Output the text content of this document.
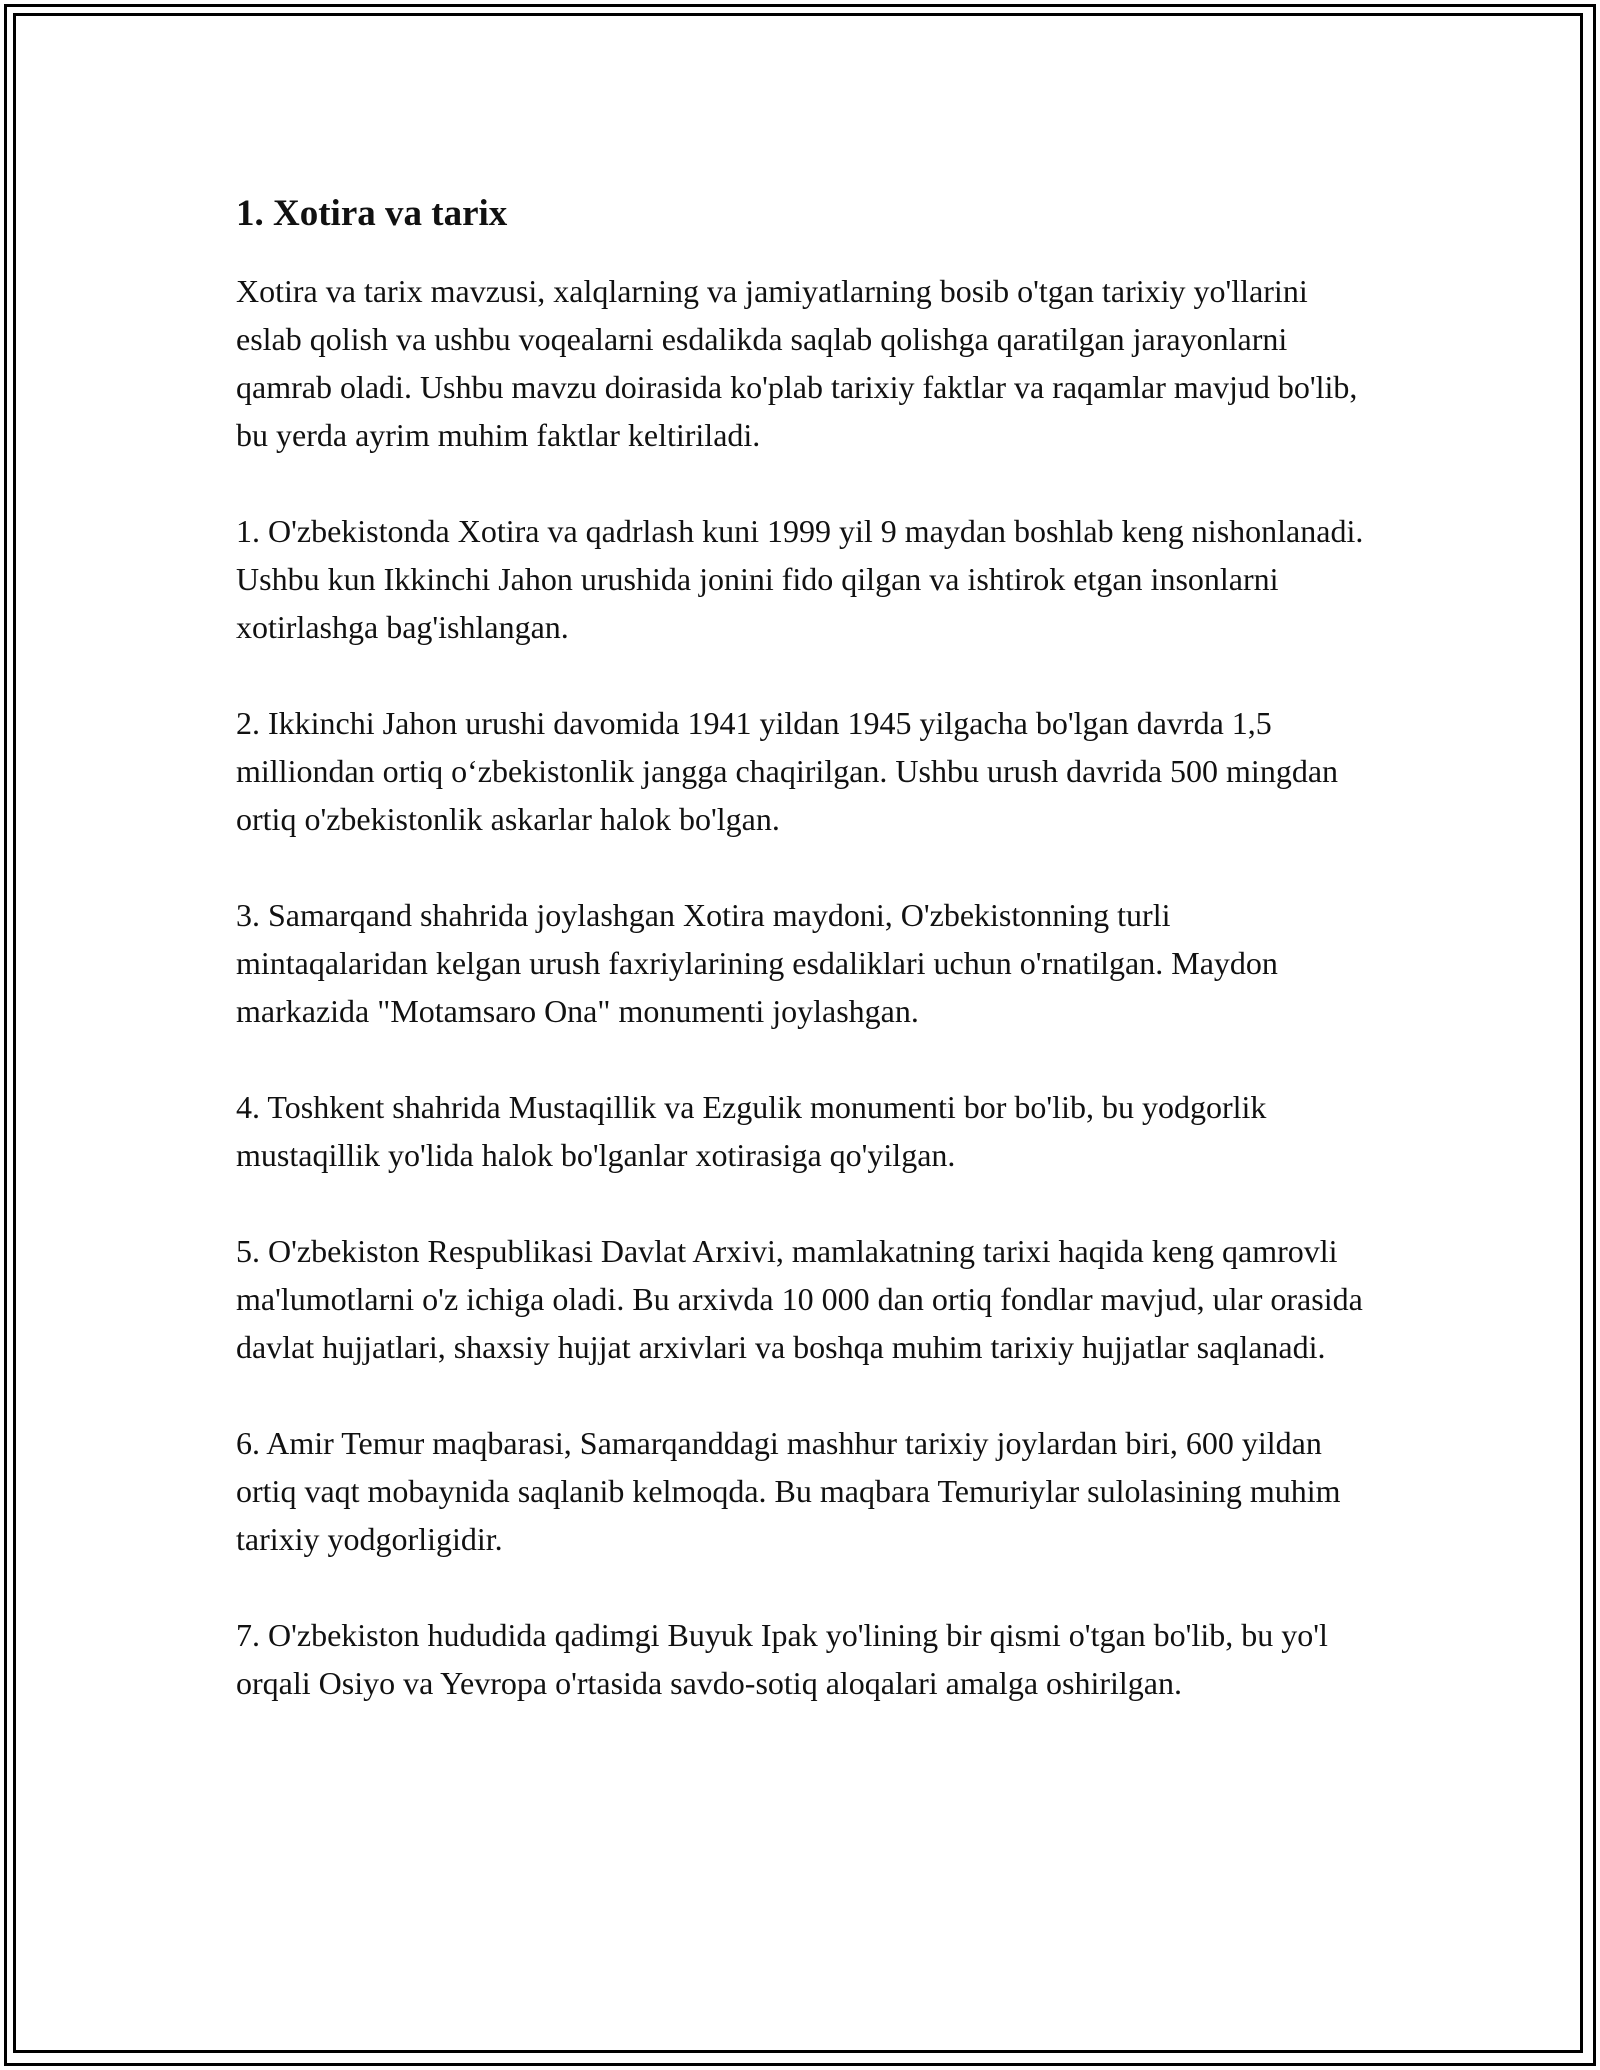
1. Xotira va tarix

Xotira va tarix mavzusi, xalqlarning va jamiyatlarning bosib o'tgan tarixiy yo'llarini eslab qolish va ushbu voqealarni esdalikda saqlab qolishga qaratilgan jarayonlarni qamrab oladi. Ushbu mavzu doirasida ko'plab tarixiy faktlar va raqamlar mavjud bo'lib, bu yerda ayrim muhim faktlar keltiriladi.

1. O'zbekistonda Xotira va qadrlash kuni 1999 yil 9 maydan boshlab keng nishonlanadi. Ushbu kun Ikkinchi Jahon urushida jonini fido qilgan va ishtirok etgan insonlarni xotirlashga bag'ishlangan.

2. Ikkinchi Jahon urushi davomida 1941 yildan 1945 yilgacha bo'lgan davrda 1,5 milliondan ortiq o‘zbekistonlik jangga chaqirilgan. Ushbu urush davrida 500 mingdan ortiq o'zbekistonlik askarlar halok bo'lgan.

3. Samarqand shahrida joylashgan Xotira maydoni, O'zbekistonning turli mintaqalaridan kelgan urush faxriylarining esdaliklari uchun o'rnatilgan. Maydon markazida "Motamsaro Ona" monumenti joylashgan.

4. Toshkent shahrida Mustaqillik va Ezgulik monumenti bor bo'lib, bu yodgorlik mustaqillik yo'lida halok bo'lganlar xotirasiga qo'yilgan.

5. O'zbekiston Respublikasi Davlat Arxivi, mamlakatning tarixi haqida keng qamrovli ma'lumotlarni o'z ichiga oladi. Bu arxivda 10 000 dan ortiq fondlar mavjud, ular orasida davlat hujjatlari, shaxsiy hujjat arxivlari va boshqa muhim tarixiy hujjatlar saqlanadi.

6. Amir Temur maqbarasi, Samarqanddagi mashhur tarixiy joylardan biri, 600 yildan ortiq vaqt mobaynida saqlanib kelmoqda. Bu maqbara Temuriylar sulolasining muhim tarixiy yodgorligidir.

7. O'zbekiston hududida qadimgi Buyuk Ipak yo'lining bir qismi o'tgan bo'lib, bu yo'l orqali Osiyo va Yevropa o'rtasida savdo-sotiq aloqalari amalga oshirilgan.
